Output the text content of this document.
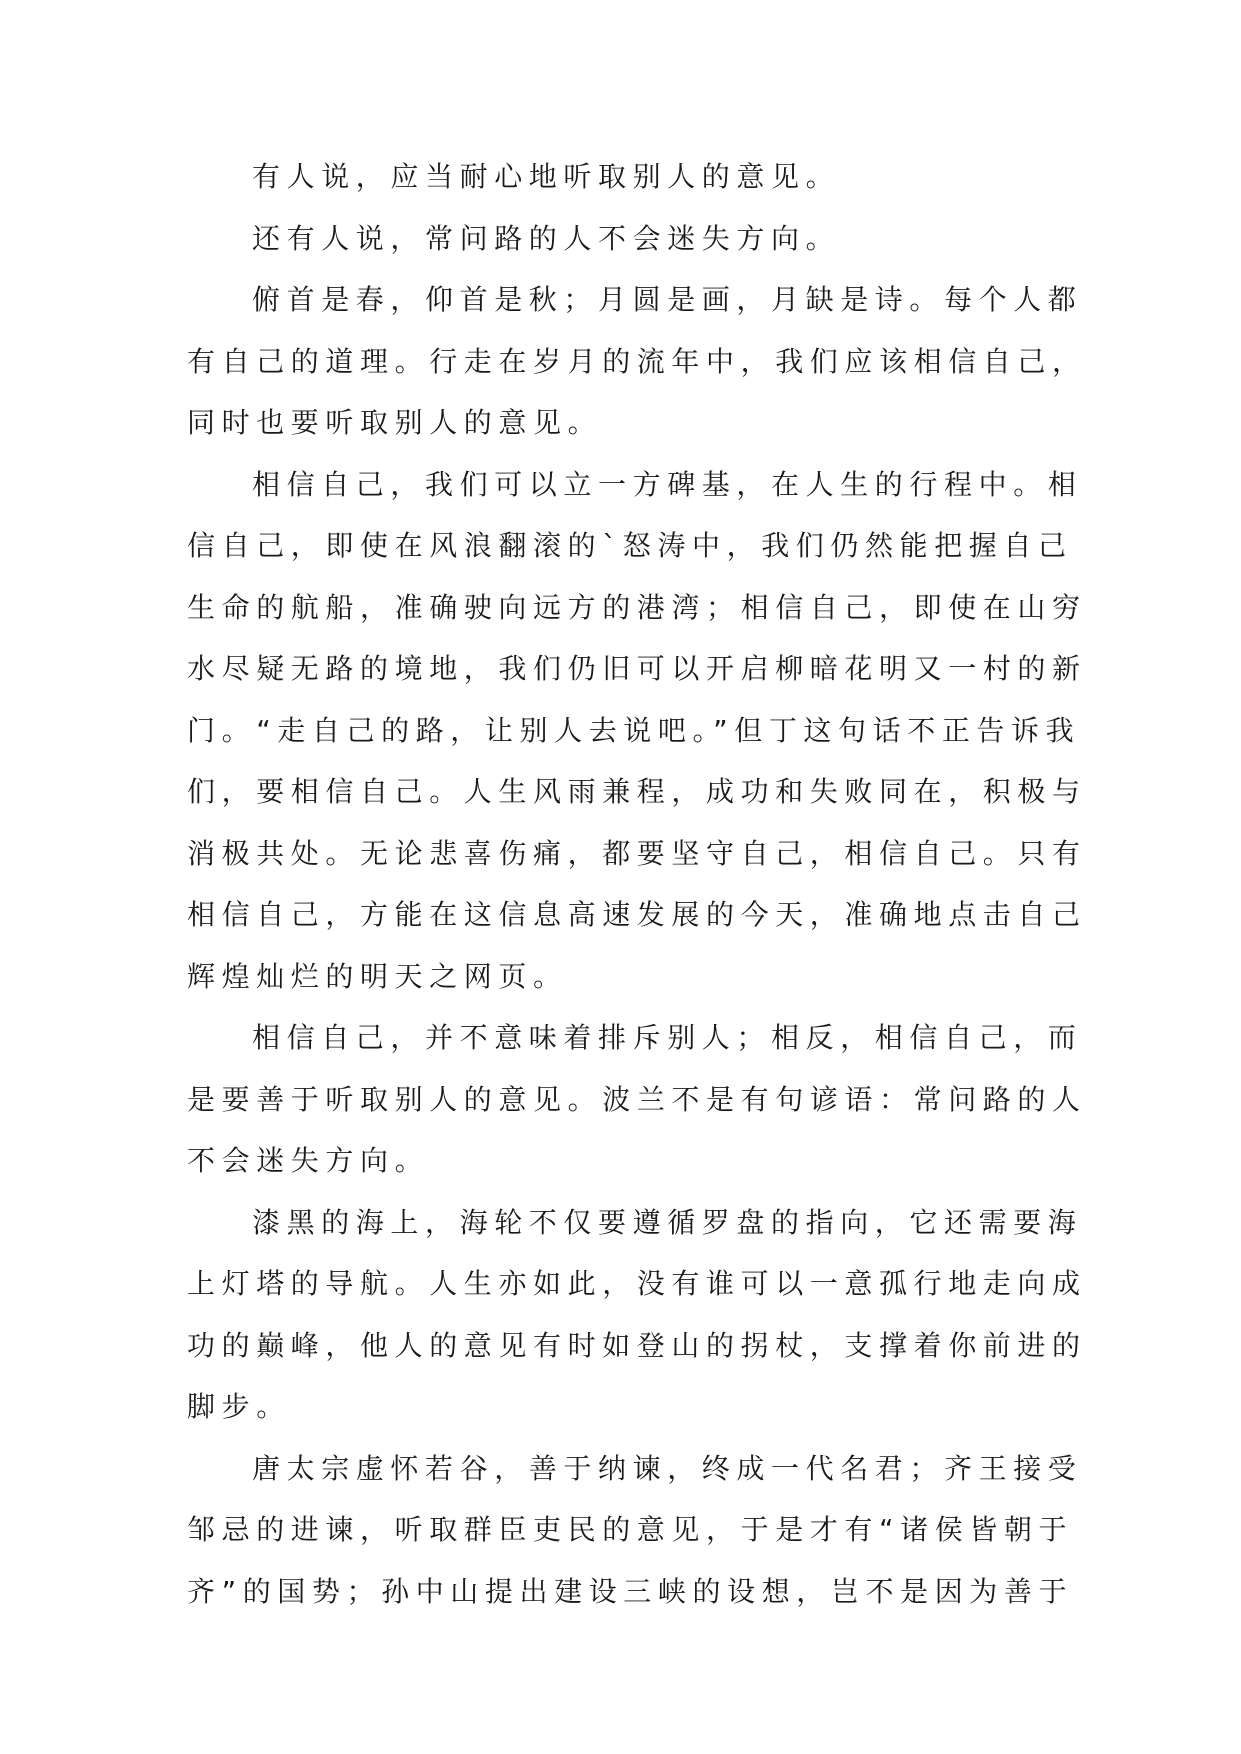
有人说，应当耐心地听取别人的意见。
还有人说，常问路的人不会迷失方向。
俯首是春，仰首是秋；月圆是画，月缺是诗。每个人都
有自己的道理。行走在岁月的流年中，我们应该相信自己，
同时也要听取别人的意见。
相信自己，我们可以立一方碑基，在人生的行程中。相
信自己，即使在风浪翻滚的`怒涛中，我们仍然能把握自己
生命的航船，准确驶向远方的港湾；相信自己，即使在山穷
水尽疑无路的境地，我们仍旧可以开启柳暗花明又一村的新
门。“走自己的路，让别人去说吧。”但丁这句话不正告诉我
们，要相信自己。人生风雨兼程，成功和失败同在，积极与
消极共处。无论悲喜伤痛，都要坚守自己，相信自己。只有
相信自己，方能在这信息高速发展的今天，准确地点击自己
辉煌灿烂的明天之网页。
相信自己，并不意味着排斥别人；相反，相信自己，而
是要善于听取别人的意见。波兰不是有句谚语：常问路的人
不会迷失方向。
漆黑的海上，海轮不仅要遵循罗盘的指向，它还需要海
上灯塔的导航。人生亦如此，没有谁可以一意孤行地走向成
功的巅峰，他人的意见有时如登山的拐杖，支撑着你前进的
脚步。
唐太宗虚怀若谷，善于纳谏，终成一代名君；齐王接受
邹忌的进谏，听取群臣吏民的意见，于是才有“诸侯皆朝于
齐”的国势；孙中山提出建设三峡的设想，岂不是因为善于
